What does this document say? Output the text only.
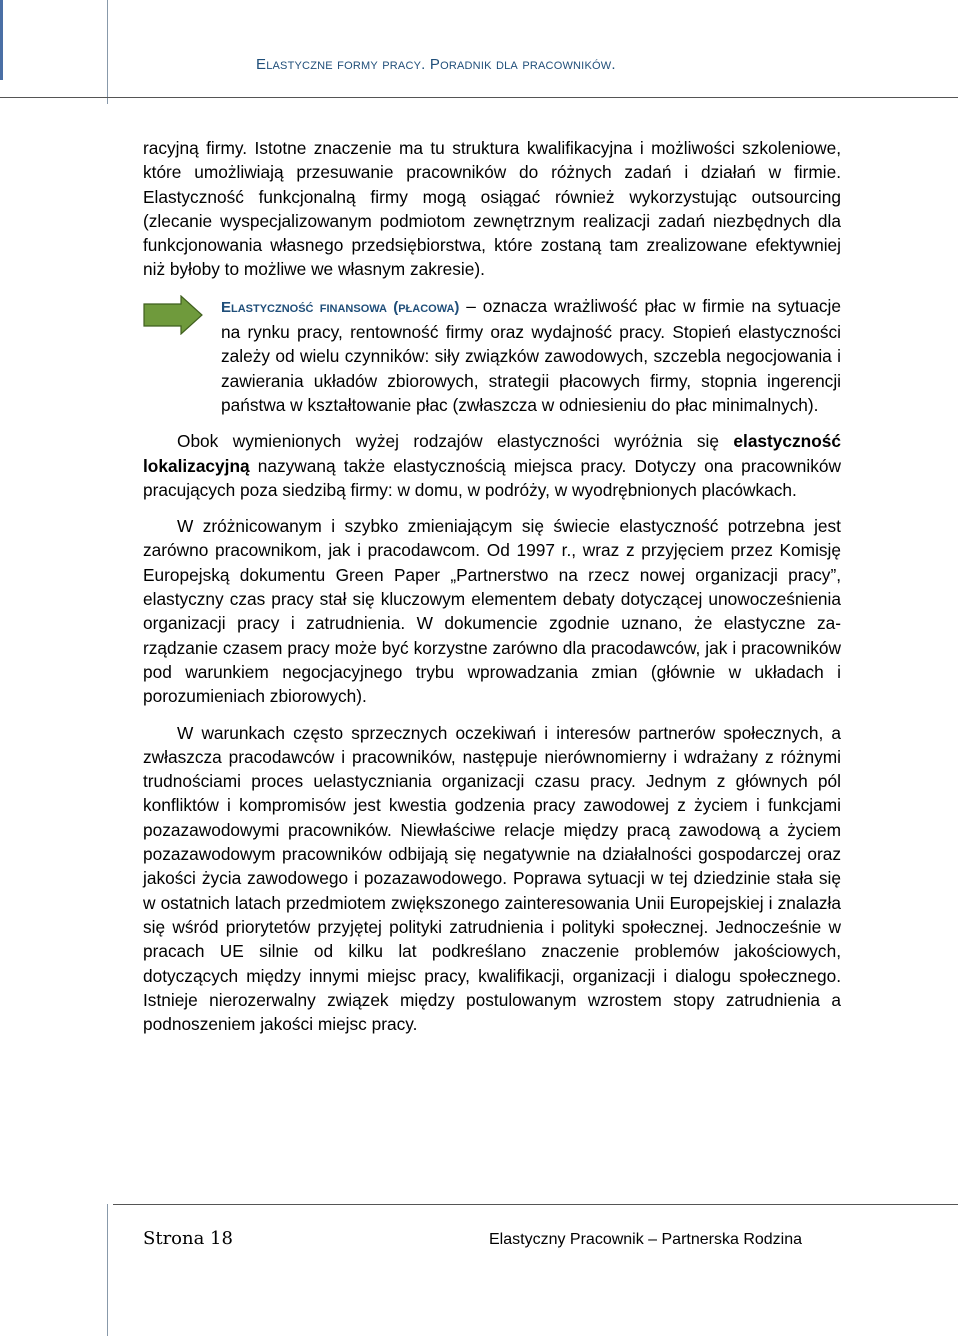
Elastyczne formy pracy. Poradnik dla pracowników.

racyjną firmy. Istotne znaczenie ma tu struktura kwalifikacyjna i możliwości szkoleniowe, które umożliwiają przesuwanie pracowników do różnych zadań i działań w firmie. Elastyczność funkcjonalną firmy mogą osiągać również wykorzystując outsourcing (zlecanie wyspecjalizowanym podmiotom zewnętrznym realizacji zadań niezbędnych dla funkcjonowania własnego przedsiębiorstwa, które zostaną tam zrealizowane efektywniej niż byłoby to możliwe we własnym zakresie).

Elastyczność finansowa (płacowa) – oznacza wrażliwość płac w firmie na sytuacje na rynku pracy, rentowność firmy oraz wydajność pracy. Stopień elastyczności zależy od wielu czynników: siły związków zawodowych, szczebla negocjowania i zawierania układów zbiorowych, strategii płacowych firmy, stopnia ingerencji państwa w kształtowanie płac (zwłaszcza w odniesieniu do płac minimalnych).

Obok wymienionych wyżej rodzajów elastyczności wyróżnia się elastyczność lokalizacyjną nazywaną także elastycznością miejsca pracy. Dotyczy ona pracowników pracujących poza siedzibą firmy: w domu, w podróży, w wyodrębnionych placówkach.

W zróżnicowanym i szybko zmieniającym się świecie elastyczność potrzebna jest zarówno pracownikom, jak i pracodawcom. Od 1997 r., wraz z przyjęciem przez Komisję Europejską dokumentu Green Paper „Partnerstwo na rzecz nowej organizacji pracy”, elastyczny czas pracy stał się kluczowym elementem debaty dotyczącej unowocześnienia organizacji pracy i zatrudnienia. W dokumencie zgodnie uznano, że elastyczne zarządzanie czasem pracy może być korzystne zarówno dla pracodawców, jak i pracowników pod warunkiem negocjacyjnego trybu wprowadzania zmian (głównie w układach i porozumieniach zbiorowych).

W warunkach często sprzecznych oczekiwań i interesów partnerów społecznych, a zwłaszcza pracodawców i pracowników, następuje nierównomierny i wdrażany z różnymi trudnościami proces uelastyczniania organizacji czasu pracy. Jednym z głównych pól konfliktów i kompromisów jest kwestia godzenia pracy zawodowej z życiem i funkcjami pozazawodowymi pracowników. Niewłaściwe relacje między pracą zawodową a życiem pozazawodowym pracowników odbijają się negatywnie na działalności gospodarczej oraz jakości życia zawodowego i pozazawodowego. Poprawa sytuacji w tej dziedzinie stała się w ostatnich latach przedmiotem zwiększonego zainteresowania Unii Europejskiej i znalazła się wśród priorytetów przyjętej polityki zatrudnienia i polityki społecznej. Jednocześnie w pracach UE silnie od kilku lat podkreślano znaczenie problemów jakościowych, dotyczących między innymi miejsc pracy, kwalifikacji, organizacji i dialogu społecznego. Istnieje nierozerwalny związek między postulowanym wzrostem stopy zatrudnienia a podnoszeniem jakości miejsc pracy.

Strona 18	Elastyczny Pracownik – Partnerska Rodzina
